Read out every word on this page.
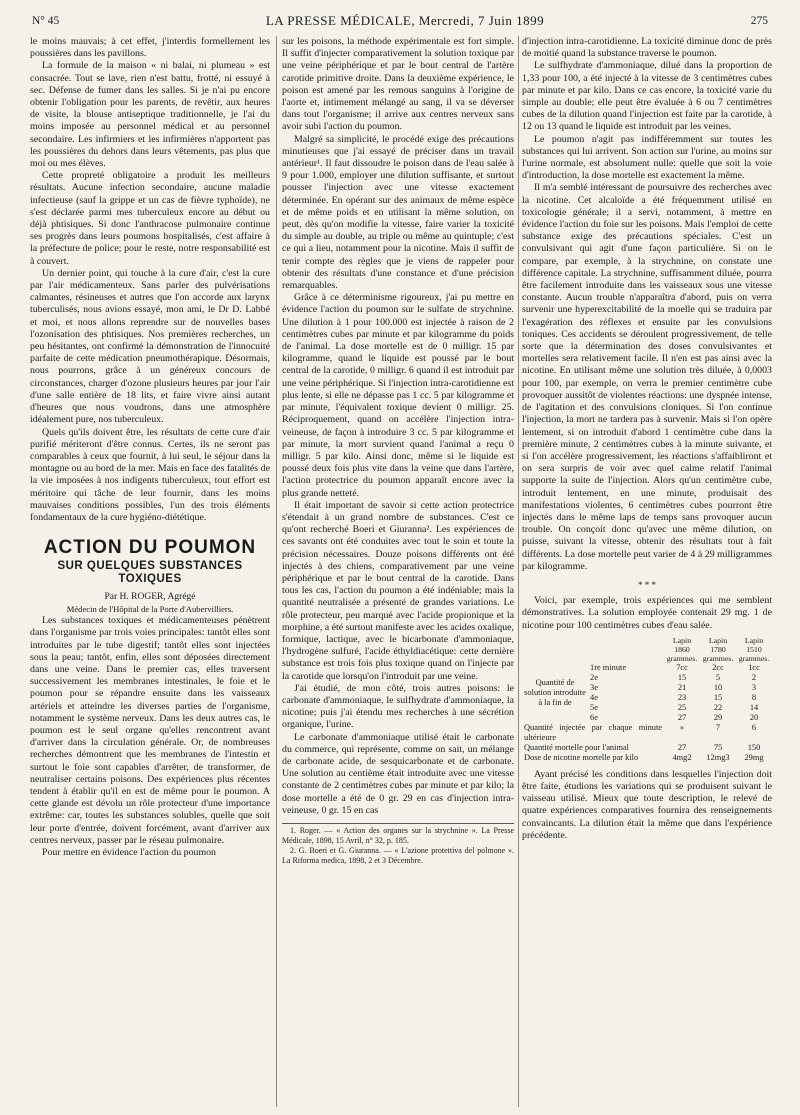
N° 45	LA PRESSE MÉDICALE, Mercredi, 7 Juin 1899	275

le moins mauvais; à cet effet, j'interdis formellement les poussières dans les pavillons.

La formule de la maison « ni balai, ni plumeau » est consacrée. Tout se lave, rien n'est battu, frotté, ni essuyé à sec. Défense de fumer dans les salles. Si je n'ai pu encore obtenir l'obligation pour les parents, de revêtir, aux heures de visite, la blouse antiseptique traditionnelle, je l'ai du moins imposée au personnel médical et au personnel secondaire. Les infirmiers et les infirmières n'apportent pas les poussières du dehors dans leurs vêtements, pas plus que moi ou mes élèves.

Cette propreté obligatoire a produit les meilleurs résultats. Aucune infection secondaire, aucune maladie infectieuse (sauf la grippe et un cas de fièvre typhoïde), ne s'est déclarée parmi mes tuberculeux encore au début ou déjà phtisiques. Si donc l'anthracose pulmonaire continue ses progrès dans leurs poumons hospitalisés, c'est affaire à la préfecture de police; pour le reste, notre responsabilité est à couvert.

Un dernier point, qui touche à la cure d'air, c'est la cure par l'air médicamenteux. Sans parler des pulvérisations calmantes, résineuses et autres que l'on accorde aux larynx tuberculisés, nous avions essayé, mon ami, le Dr D. Labbé et moi, et nous allons reprendre sur de nouvelles bases l'ozonisation des phtisiques. Nos premières recherches, un peu hésitantes, ont confirmé la démonstration de l'innocuité parfaite de cette médication pneumothérapique. Désormais, nous pourrons, grâce à un généreux concours de circonstances, charger d'ozone plusieurs heures par jour l'air d'une salle entière de 18 lits, et faire vivre ainsi autant d'heures que nous voudrons, dans une atmosphère idéalement pure, nos tuberculeux.

Quels qu'ils doivent être, les résultats de cette cure d'air purifié mériteront d'être connus. Certes, ils ne seront pas comparables à ceux que fournit, à lui seul, le séjour dans la montagne ou au bord de la mer. Mais en face des fatalités de la vie imposées à nos indigents tuberculeux, tout effort est méritoire qui tâche de leur fournir, dans les moins mauvaises conditions possibles, l'un des trois éléments fondamentaux de la cure hygiéno-diététique.

ACTION DU POUMON
SUR QUELQUES SUBSTANCES TOXIQUES

Par H. ROGER, Agrégé

Médecin de l'Hôpital de la Porte d'Aubervilliers.

Les substances toxiques et médicamenteuses pénètrent dans l'organisme par trois voies principales: tantôt elles sont introduites par le tube digestif; tantôt elles sont injectées sous la peau; tantôt, enfin, elles sont déposées directement dans une veine. Dans le premier cas, elles traversent successivement les membranes intestinales, le foie et le poumon pour se répandre ensuite dans les vaisseaux artériels et atteindre les diverses parties de l'organisme, notamment le système nerveux. Dans les deux autres cas, le poumon est le seul organe qu'elles rencontrent avant d'arriver dans la circulation générale. Or, de nombreuses recherches démontrent que les membranes de l'intestin et surtout le foie sont capables d'arrêter, de transformer, de neutraliser certains poisons. Des expériences plus récentes tendent à établir qu'il en est de même pour le poumon. A cette glande est dévolu un rôle protecteur d'une importance extrême: car, toutes les substances solubles, quelle que soit leur porte d'entrée, doivent forcément, avant d'arriver aux centres nerveux, passer par le réseau pulmonaire.

Pour mettre en évidence l'action du poumon

sur les poisons, la méthode expérimentale est fort simple. Il suffit d'injecter comparativement la solution toxique par une veine périphérique et par le bout central de l'artère carotide primitive droite. Dans la deuxième expérience, le poison est amené par les remous sanguins à l'origine de l'aorte et, intimement mélangé au sang, il va se déverser dans tout l'organisme; il arrive aux centres nerveux sans avoir subi l'action du poumon.

Malgré sa simplicité, le procédé exige des précautions minutieuses que j'ai essayé de préciser dans un travail antérieur¹. Il faut dissoudre le poison dans de l'eau salée à 9 pour 1.000, employer une dilution suffisante, et surtout pousser l'injection avec une vitesse exactement déterminée. En opérant sur des animaux de même espèce et de même poids et en utilisant la même solution, on peut, dès qu'on modifie la vitesse, faire varier la toxicité du simple au double, au triple ou même au quintuple; c'est ce qui a lieu, notamment pour la nicotine. Mais il suffit de tenir compte des règles que je viens de rappeler pour obtenir des résultats d'une constance et d'une précision remarquables.

Grâce à ce déterminisme rigoureux, j'ai pu mettre en évidence l'action du poumon sur le sulfate de strychnine. Une dilution à 1 pour 100.000 est injectée à raison de 2 centimètres cubes par minute et par kilogramme du poids de l'animal. La dose mortelle est de 0 milligr. 15 par kilogramme, quand le liquide est poussé par le bout central de la carotide, 0 milligr. 6 quand il est introduit par une veine périphérique. Si l'injection intra-carotidienne est plus lente, si elle ne dépasse pas 1 cc. 5 par kilogramme et par minute, l'équivalent toxique devient 0 milligr. 25. Réciproquement, quand on accélère l'injection intra-veineuse, de façon à introduire 3 cc. 5 par kilogramme et par minute, la mort survient quand l'animal a reçu 0 milligr. 5 par kilo. Ainsi donc, même si le liquide est poussé deux fois plus vite dans la veine que dans l'artère, l'action protectrice du poumon apparaît encore avec la plus grande netteté.

Il était important de savoir si cette action protectrice s'étendait à un grand nombre de substances. C'est ce qu'ont recherché Boeri et Giuranna². Les expériences de ces savants ont été conduites avec tout le soin et toute la précision nécessaires. Douze poisons différents ont été injectés à des chiens, comparativement par une veine périphérique et par le bout central de la carotide. Dans tous les cas, l'action du poumon a été indéniable; mais la quantité neutralisée a présenté de grandes variations. Le rôle protecteur, peu marqué avec l'acide propionique et la morphine, a été surtout manifeste avec les acides oxalique, formique, lactique, avec le bicarbonate d'ammoniaque, l'hydrogène sulfuré, l'acide éthyldiacétique: cette dernière substance est trois fois plus toxique quand on l'injecte par la carotide que lorsqu'on l'introduit par une veine.

J'ai étudié, de mon côté, trois autres poisons: le carbonate d'ammoniaque, le sulfhydrate d'ammoniaque, la nicotine; puis j'ai étendu mes recherches à une sécrétion organique, l'urine.

Le carbonate d'ammoniaque utilisé était le carbonate du commerce, qui représente, comme on sait, un mélange de carbonate acide, de sesquicarbonate et de carbonate. Une solution au centième était introduite avec une vitesse constante de 2 centimètres cubes par minute et par kilo; la dose mortelle a été de 0 gr. 29 en cas d'injection intra-veineuse, 0 gr. 15 en cas

1. Roger. — « Action des organes sur la strychnine ». La Presse Médicale, 1898, 15 Avril, n° 32, p. 185.

2. G. Boeri et G. Giuranna. — « L'azione protettiva del polmone ». La Riforma medica, 1898, 2 et 3 Décembre.

d'injection intra-carotidienne. La toxicité diminue donc de près de moitié quand la substance traverse le poumon.

Le sulfhydrate d'ammoniaque, dilué dans la proportion de 1,33 pour 100, a été injecté à la vitesse de 3 centimètres cubes par minute et par kilo. Dans ce cas encore, la toxicité varie du simple au double; elle peut être évaluée à 6 ou 7 centimètres cubes de la dilution quand l'injection est faite par la carotide, à 12 ou 13 quand le liquide est introduit par les veines.

Le poumon n'agit pas indifféremment sur toutes les substances qui lui arrivent. Son action sur l'urine, au moins sur l'urine normale, est absolument nulle: quelle que soit la voie d'introduction, la dose mortelle est exactement la même.

Il m'a semblé intéressant de poursuivre des recherches avec la nicotine. Cet alcaloïde a été fréquemment utilisé en toxicologie générale; il a servi, notamment, à mettre en évidence l'action du foie sur les poisons. Mais l'emploi de cette substance exige des précautions spéciales. C'est un convulsivant qui agit d'une façon particulière. Si on le compare, par exemple, à la strychnine, on constate une différence capitale. La strychnine, suffisamment diluée, pourra être facilement introduite dans les vaisseaux sous une vitesse constante. Aucun trouble n'apparaîtra d'abord, puis on verra survenir une hyperexcitabilité de la moelle qui se traduira par l'exagération des réflexes et ensuite par les convulsions toniques. Ces accidents se déroulent progressivement, de telle sorte que la détermination des doses convulsivantes et mortelles sera relativement facile. Il n'en est pas ainsi avec la nicotine. En utilisant même une solution très diluée, à 0,0003 pour 100, par exemple, on verra le premier centimètre cube provoquer aussitôt de violentes réactions: une dyspnée intense, de l'agitation et des convulsions cloniques. Si l'on continue l'injection, la mort ne tardera pas à survenir. Mais si l'on opère lentement, si on introduit d'abord 1 centimètre cube dans la première minute, 2 centimètres cubes à la minute suivante, et si l'on accélère progressivement, les réactions s'affaibliront et on sera surpris de voir avec quel calme relatif l'animal supporte la suite de l'injection. Alors qu'un centimètre cube, introduit lentement, en une minute, produisait des manifestations violentes, 6 centimètres cubes pourront être injectés dans le même laps de temps sans provoquer aucun trouble. On conçoit donc qu'avec une même dilution, on puisse, suivant la vitesse, obtenir des résultats tout à fait différents. La dose mortelle peut varier de 4 à 29 milligrammes par kilogramme.

* * *

Voici, par exemple, trois expériences qui me semblent démonstratives. La solution employée contenait 29 mg. 1 de nicotine pour 100 centimètres cubes d'eau salée.

		Lapin 1860 grammes.	Lapin 1780 grammes.	Lapin 1510 grammes.
Quantité de solution introduite à la fin de	1re minute	7cc	2cc	1cc
	2e	15	5	2
	3e	21	10	3
	4e	23	15	8
	5e	25	22	14
	6e	27	29	20
Quantité injectée par chaque minute ultérieure		»	7	6
Quantité mortelle pour l'animal		27	75	150
Dose de nicotine mortelle par kilo		4mg2	12mg3	29mg

Ayant précisé les conditions dans lesquelles l'injection doit être faite, étudions les variations qui se produisent suivant le vaisseau utilisé. Mieux que toute description, le relevé de quatre expériences comparatives fournira des renseignements convaincants. La dilution était la même que dans l'expérience précédente.
